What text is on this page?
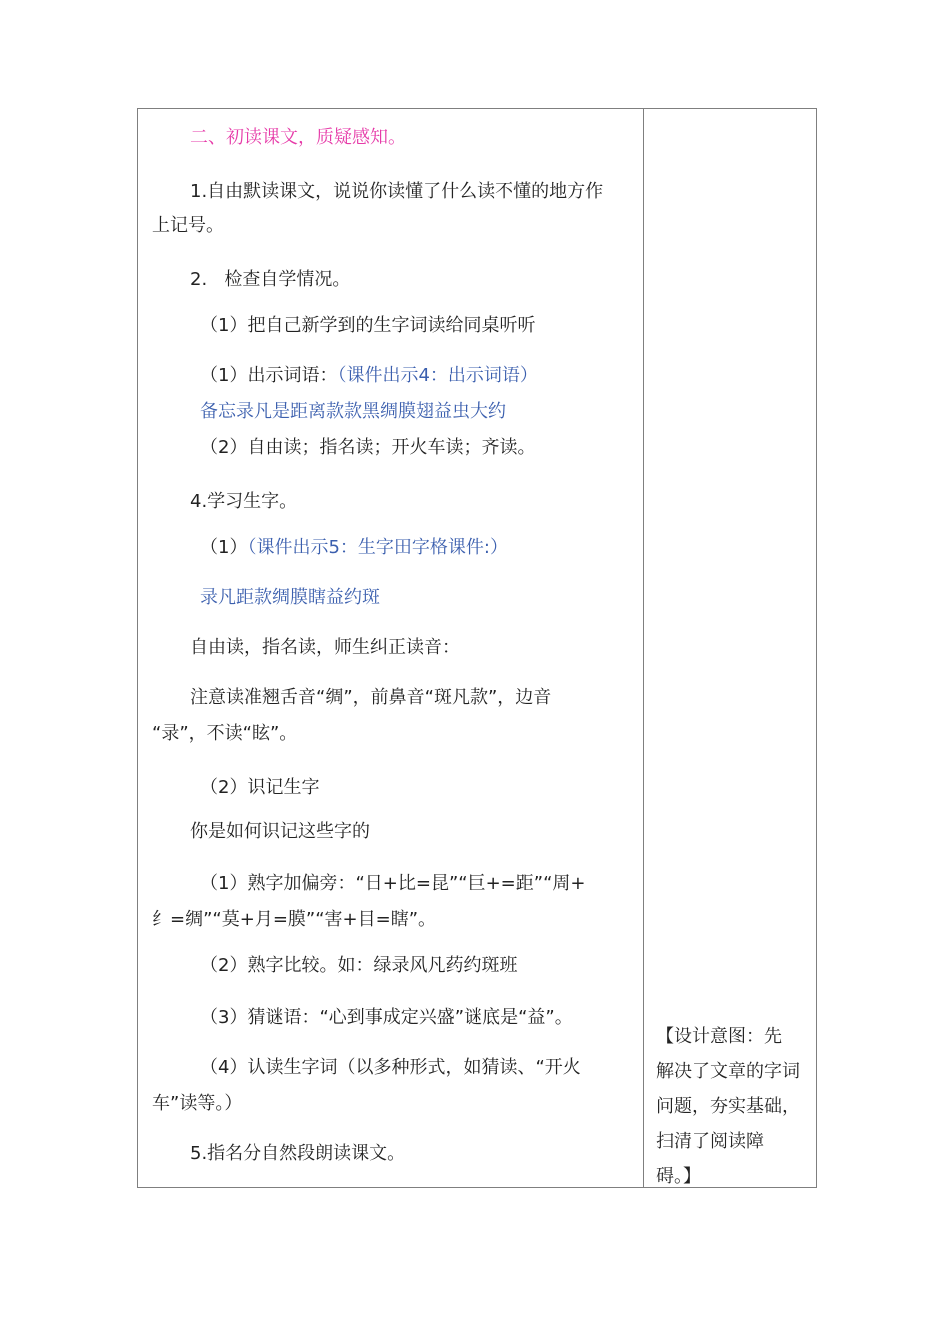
二、初读课文，质疑感知。
1.自由默读课文，说说你读懂了什么读不懂的地方作
上记号。
2.   检查自学情况。
（1）把自己新学到的生字词读给同桌听听
（1）出示词语：（课件出示4：出示词语）
备忘录凡是距离款款黑绸膜翅益虫大约
（2）自由读；指名读；开火车读；齐读。
4.学习生字。
（1）（课件出示5：生字田字格课件:）
录凡距款绸膜瞎益约斑
自由读，指名读，师生纠正读音：
注意读准翘舌音“绸”，前鼻音“斑凡款”，边音
“录”，不读“眩”。
（2）识记生字
你是如何识记这些字的
（1）熟字加偏旁：“日+比=昆”“巨+=距”“周+
纟=绸”“莫+月=膜”“害+目=瞎”。
（2）熟字比较。如：绿录风凡药约斑班
（3）猜谜语：“心到事成定兴盛”谜底是“益”。
（4）认读生字词（以多种形式，如猜读、“开火
车”读等。）
5.指名分自然段朗读课文。
【设计意图：先
解决了文章的字词
问题，夯实基础，
扫清了阅读障
碍。】
